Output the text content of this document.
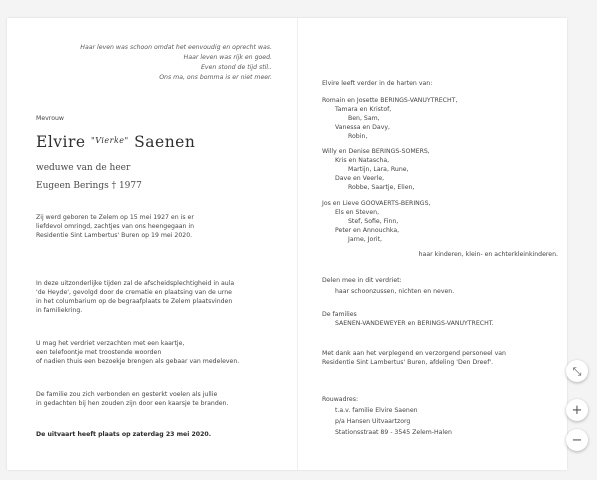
Haar leven was schoon omdat het eenvoudig en oprecht was.
Haar leven was rijk en goed.
Even stond de tijd stil..
Ons ma, ons bomma is er niet meer.
Mevrouw
Elvire $^{"Vierke"}$ Saenen
weduwe van de heer
Eugeen Berings † 1977
Zij werd geboren te Zelem op 15 mei 1927 en is er
liefdevol omringd, zachtjes van ons heengegaan in
Residentie Sint Lambertus' Buren op 19 mei 2020.
In deze uitzonderlijke tijden zal de afscheidsplechtigheid in aula
'de Heyde', gevolgd door de crematie en plaatsing van de urne
in het columbarium op de begraafplaats te Zelem plaatsvinden
in familiekring.
U mag het verdriet verzachten met een kaartje,
een telefoontje met troostende woorden
of nadien thuis een bezoekje brengen als gebaar van medeleven.
De familie zou zich verbonden en gesterkt voelen als jullie
in gedachten bij hen zouden zijn door een kaarsje te branden.
De uitvaart heeft plaats op zaterdag 23 mei 2020.
Elvire leeft verder in de harten van:
Romain en Josette BERINGS-VANUYTRECHT,
Tamara en Kristof,
Ben, Sam,
Vanessa en Davy,
Robin,
Willy en Denise BERINGS-SOMERS,
Kris en Natascha,
Martijn, Lara, Rune,
Dave en Veerle,
Robbe, Saartje, Elien,
Jos en Lieve GOOVAERTS-BERINGS,
Els en Steven,
Stef, Sofie, Finn,
Peter en Annouchka,
Jarne, Jorit,
haar kinderen, klein- en achterkleinkinderen.
Delen mee in dit verdriet:
haar schoonzussen, nichten en neven.
De families
SAENEN-VANDEWEYER en BERINGS-VANUYTRECHT.
Met dank aan het verplegend en verzorgend personeel van
Residentie Sint Lambertus' Buren, afdeling 'Den Dreef'.
Rouwadres:
t.a.v. familie Elvire Saenen
p/a Hansen Uitvaartzorg
Stationsstraat 89 - 3545 Zelem-Halen
⤡
+
−
